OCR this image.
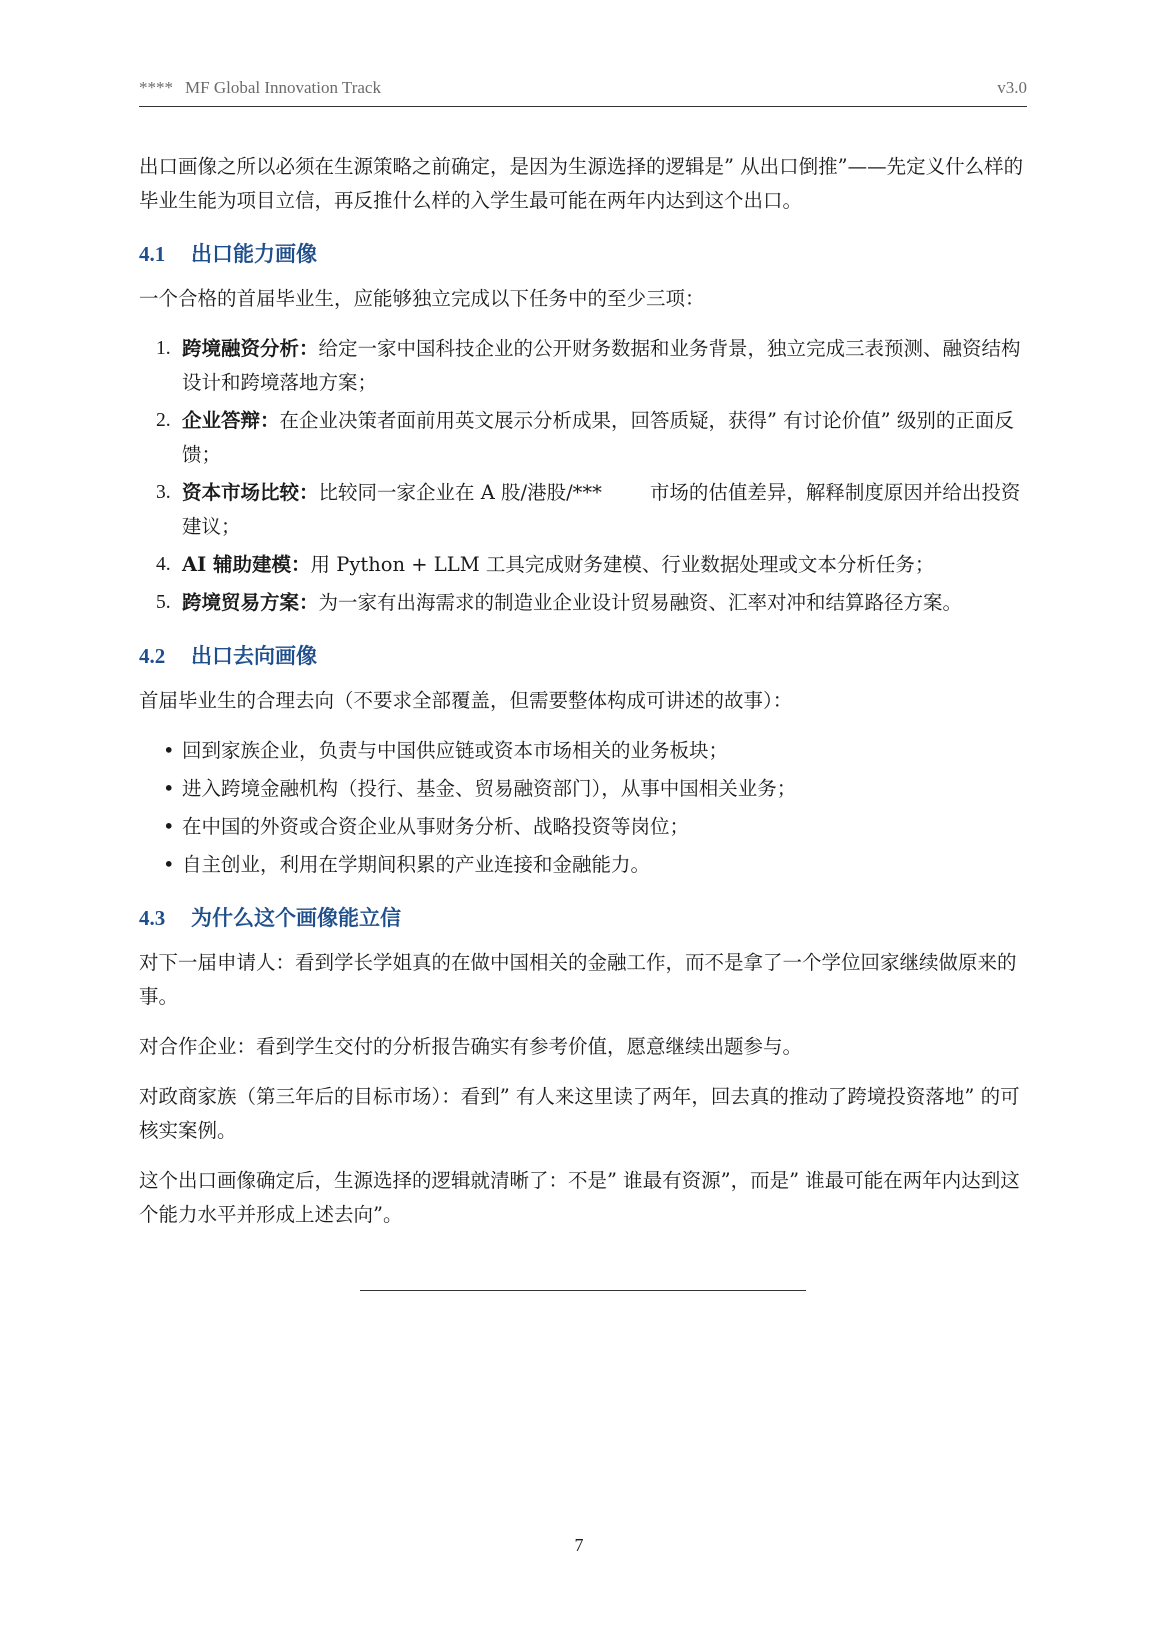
**** MF Global Innovation Track	v3.0

出口画像之所以必须在生源策略之前确定，是因为生源选择的逻辑是” 从出口倒推”——先定义什么样的毕业生能为项目立信，再反推什么样的入学生最可能在两年内达到这个出口。

4.1 出口能力画像

一个合格的首届毕业生，应能够独立完成以下任务中的至少三项：

1. 跨境融资分析：给定一家中国科技企业的公开财务数据和业务背景，独立完成三表预测、融资结构设计和跨境落地方案；
2. 企业答辩：在企业决策者面前用英文展示分析成果，回答质疑，获得” 有讨论价值” 级别的正面反馈；
3. 资本市场比较：比较同一家企业在 A 股/港股/*** 市场的估值差异，解释制度原因并给出投资建议；
4. AI 辅助建模：用 Python + LLM 工具完成财务建模、行业数据处理或文本分析任务；
5. 跨境贸易方案：为一家有出海需求的制造业企业设计贸易融资、汇率对冲和结算路径方案。
4.2 出口去向画像

首届毕业生的合理去向（不要求全部覆盖，但需要整体构成可讲述的故事）：

• 回到家族企业，负责与中国供应链或资本市场相关的业务板块；
• 进入跨境金融机构（投行、基金、贸易融资部门），从事中国相关业务；
• 在中国的外资或合资企业从事财务分析、战略投资等岗位；
• 自主创业，利用在学期间积累的产业连接和金融能力。
4.3 为什么这个画像能立信

对下一届申请人：看到学长学姐真的在做中国相关的金融工作，而不是拿了一个学位回家继续做原来的事。

对合作企业：看到学生交付的分析报告确实有参考价值，愿意继续出题参与。

对政商家族（第三年后的目标市场）：看到” 有人来这里读了两年，回去真的推动了跨境投资落地” 的可核实案例。

这个出口画像确定后，生源选择的逻辑就清晰了：不是” 谁最有资源”，而是” 谁最可能在两年内达到这个能力水平并形成上述去向”。

7
